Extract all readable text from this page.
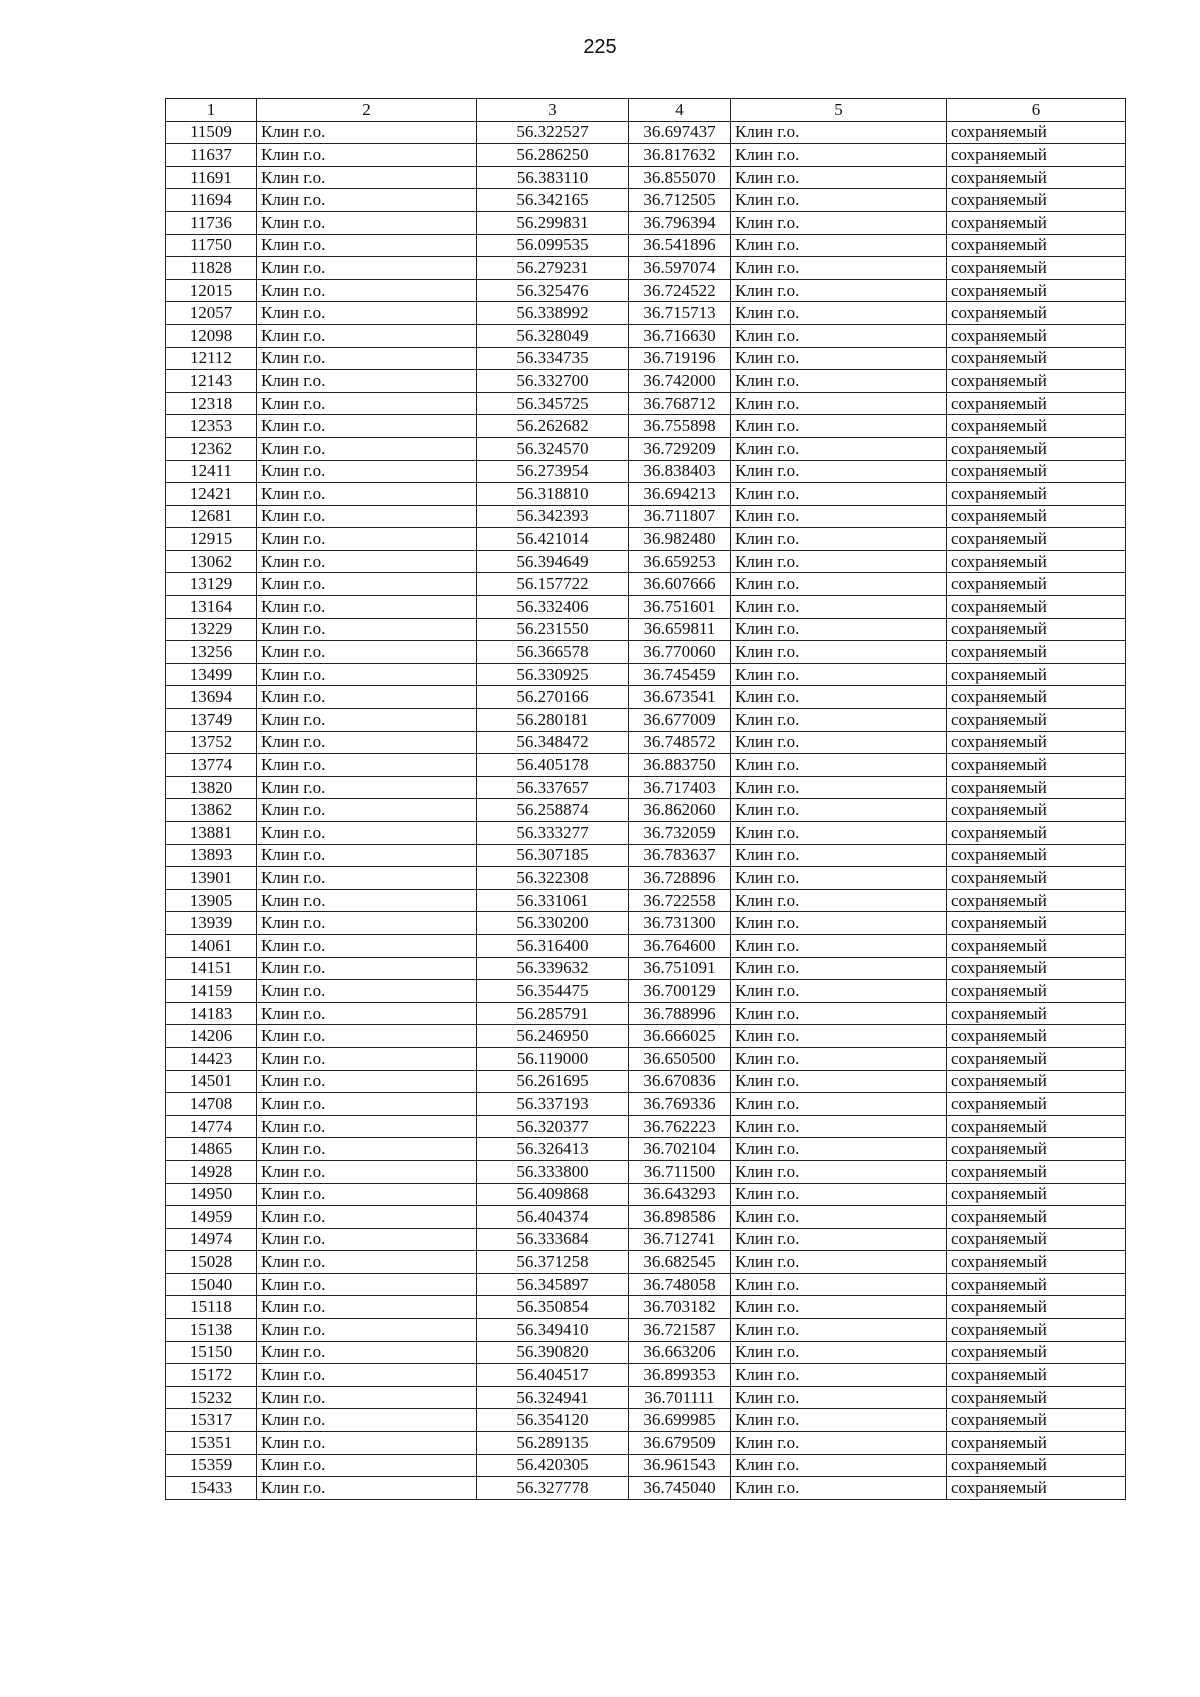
225
1	2	3	4	5	6
11509	Клин г.о.	56.322527	36.697437	Клин г.о.	сохраняемый
11637	Клин г.о.	56.286250	36.817632	Клин г.о.	сохраняемый
11691	Клин г.о.	56.383110	36.855070	Клин г.о.	сохраняемый
11694	Клин г.о.	56.342165	36.712505	Клин г.о.	сохраняемый
11736	Клин г.о.	56.299831	36.796394	Клин г.о.	сохраняемый
11750	Клин г.о.	56.099535	36.541896	Клин г.о.	сохраняемый
11828	Клин г.о.	56.279231	36.597074	Клин г.о.	сохраняемый
12015	Клин г.о.	56.325476	36.724522	Клин г.о.	сохраняемый
12057	Клин г.о.	56.338992	36.715713	Клин г.о.	сохраняемый
12098	Клин г.о.	56.328049	36.716630	Клин г.о.	сохраняемый
12112	Клин г.о.	56.334735	36.719196	Клин г.о.	сохраняемый
12143	Клин г.о.	56.332700	36.742000	Клин г.о.	сохраняемый
12318	Клин г.о.	56.345725	36.768712	Клин г.о.	сохраняемый
12353	Клин г.о.	56.262682	36.755898	Клин г.о.	сохраняемый
12362	Клин г.о.	56.324570	36.729209	Клин г.о.	сохраняемый
12411	Клин г.о.	56.273954	36.838403	Клин г.о.	сохраняемый
12421	Клин г.о.	56.318810	36.694213	Клин г.о.	сохраняемый
12681	Клин г.о.	56.342393	36.711807	Клин г.о.	сохраняемый
12915	Клин г.о.	56.421014	36.982480	Клин г.о.	сохраняемый
13062	Клин г.о.	56.394649	36.659253	Клин г.о.	сохраняемый
13129	Клин г.о.	56.157722	36.607666	Клин г.о.	сохраняемый
13164	Клин г.о.	56.332406	36.751601	Клин г.о.	сохраняемый
13229	Клин г.о.	56.231550	36.659811	Клин г.о.	сохраняемый
13256	Клин г.о.	56.366578	36.770060	Клин г.о.	сохраняемый
13499	Клин г.о.	56.330925	36.745459	Клин г.о.	сохраняемый
13694	Клин г.о.	56.270166	36.673541	Клин г.о.	сохраняемый
13749	Клин г.о.	56.280181	36.677009	Клин г.о.	сохраняемый
13752	Клин г.о.	56.348472	36.748572	Клин г.о.	сохраняемый
13774	Клин г.о.	56.405178	36.883750	Клин г.о.	сохраняемый
13820	Клин г.о.	56.337657	36.717403	Клин г.о.	сохраняемый
13862	Клин г.о.	56.258874	36.862060	Клин г.о.	сохраняемый
13881	Клин г.о.	56.333277	36.732059	Клин г.о.	сохраняемый
13893	Клин г.о.	56.307185	36.783637	Клин г.о.	сохраняемый
13901	Клин г.о.	56.322308	36.728896	Клин г.о.	сохраняемый
13905	Клин г.о.	56.331061	36.722558	Клин г.о.	сохраняемый
13939	Клин г.о.	56.330200	36.731300	Клин г.о.	сохраняемый
14061	Клин г.о.	56.316400	36.764600	Клин г.о.	сохраняемый
14151	Клин г.о.	56.339632	36.751091	Клин г.о.	сохраняемый
14159	Клин г.о.	56.354475	36.700129	Клин г.о.	сохраняемый
14183	Клин г.о.	56.285791	36.788996	Клин г.о.	сохраняемый
14206	Клин г.о.	56.246950	36.666025	Клин г.о.	сохраняемый
14423	Клин г.о.	56.119000	36.650500	Клин г.о.	сохраняемый
14501	Клин г.о.	56.261695	36.670836	Клин г.о.	сохраняемый
14708	Клин г.о.	56.337193	36.769336	Клин г.о.	сохраняемый
14774	Клин г.о.	56.320377	36.762223	Клин г.о.	сохраняемый
14865	Клин г.о.	56.326413	36.702104	Клин г.о.	сохраняемый
14928	Клин г.о.	56.333800	36.711500	Клин г.о.	сохраняемый
14950	Клин г.о.	56.409868	36.643293	Клин г.о.	сохраняемый
14959	Клин г.о.	56.404374	36.898586	Клин г.о.	сохраняемый
14974	Клин г.о.	56.333684	36.712741	Клин г.о.	сохраняемый
15028	Клин г.о.	56.371258	36.682545	Клин г.о.	сохраняемый
15040	Клин г.о.	56.345897	36.748058	Клин г.о.	сохраняемый
15118	Клин г.о.	56.350854	36.703182	Клин г.о.	сохраняемый
15138	Клин г.о.	56.349410	36.721587	Клин г.о.	сохраняемый
15150	Клин г.о.	56.390820	36.663206	Клин г.о.	сохраняемый
15172	Клин г.о.	56.404517	36.899353	Клин г.о.	сохраняемый
15232	Клин г.о.	56.324941	36.701111	Клин г.о.	сохраняемый
15317	Клин г.о.	56.354120	36.699985	Клин г.о.	сохраняемый
15351	Клин г.о.	56.289135	36.679509	Клин г.о.	сохраняемый
15359	Клин г.о.	56.420305	36.961543	Клин г.о.	сохраняемый
15433	Клин г.о.	56.327778	36.745040	Клин г.о.	сохраняемый
